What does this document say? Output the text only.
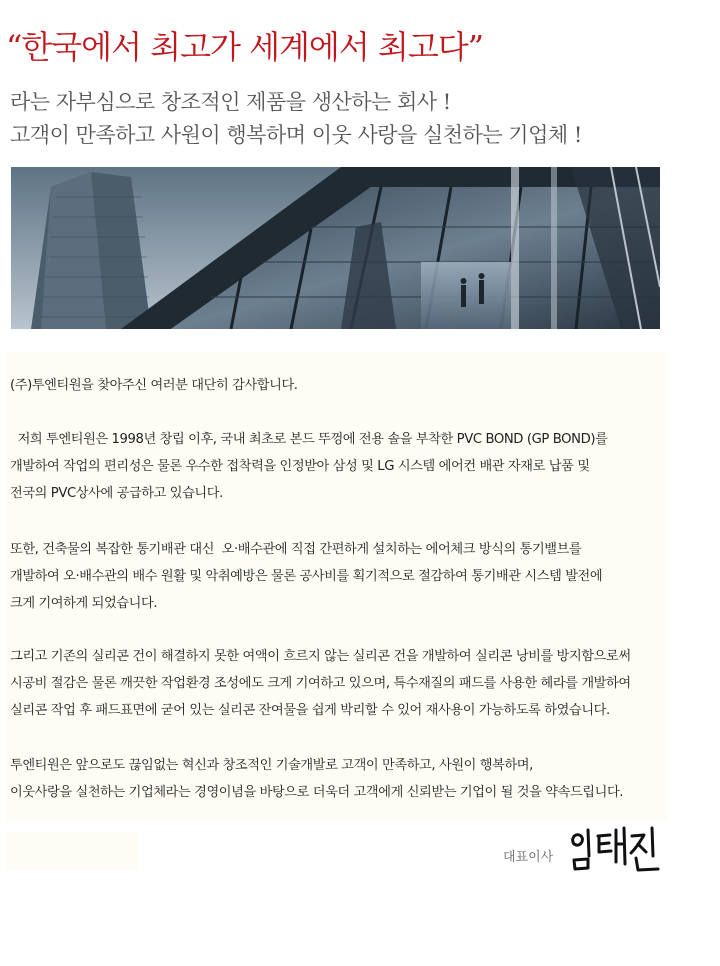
“한국에서 최고가 세계에서 최고다”
라는 자부심으로 창조적인 제품을 생산하는 회사 !
고객이 만족하고 사원이 행복하며 이웃 사랑을 실천하는 기업체 !
(주)투엔티원을 찾아주신 여러분 대단히 감사합니다.
저희 투엔티원은 1998년 창립 이후, 국내 최초로 본드 뚜껑에 전용 솔을 부착한 PVC BOND (GP BOND)를
개발하여 작업의 편리성은 물론 우수한 접착력을 인정받아 삼성 및 LG 시스템 에어컨 배관 자재로 납품 및
전국의 PVC상사에 공급하고 있습니다.
또한, 건축물의 복잡한 통기배관 대신  오·배수관에 직접 간편하게 설치하는 에어체크 방식의 통기밸브를
개발하여 오·배수관의 배수 원활 및 악취예방은 물론 공사비를 획기적으로 절감하여 통기배관 시스템 발전에
크게 기여하게 되었습니다.
그리고 기존의 실리콘 건이 해결하지 못한 여액이 흐르지 않는 실리콘 건을 개발하여 실리콘 낭비를 방지함으로써
시공비 절감은 물론 깨끗한 작업환경 조성에도 크게 기여하고 있으며, 특수재질의 패드를 사용한 헤라를 개발하여
실리콘 작업 후 패드표면에 굳어 있는 실리콘 잔여물을 쉽게 박리할 수 있어 재사용이 가능하도록 하였습니다.
투엔티원은 앞으로도 끊임없는 혁신과 창조적인 기술개발로 고객이 만족하고, 사원이 행복하며,
이웃사랑을 실천하는 기업체라는 경영이념을 바탕으로 더욱더 고객에게 신뢰받는 기업이 될 것을 약속드립니다.
대표이사
